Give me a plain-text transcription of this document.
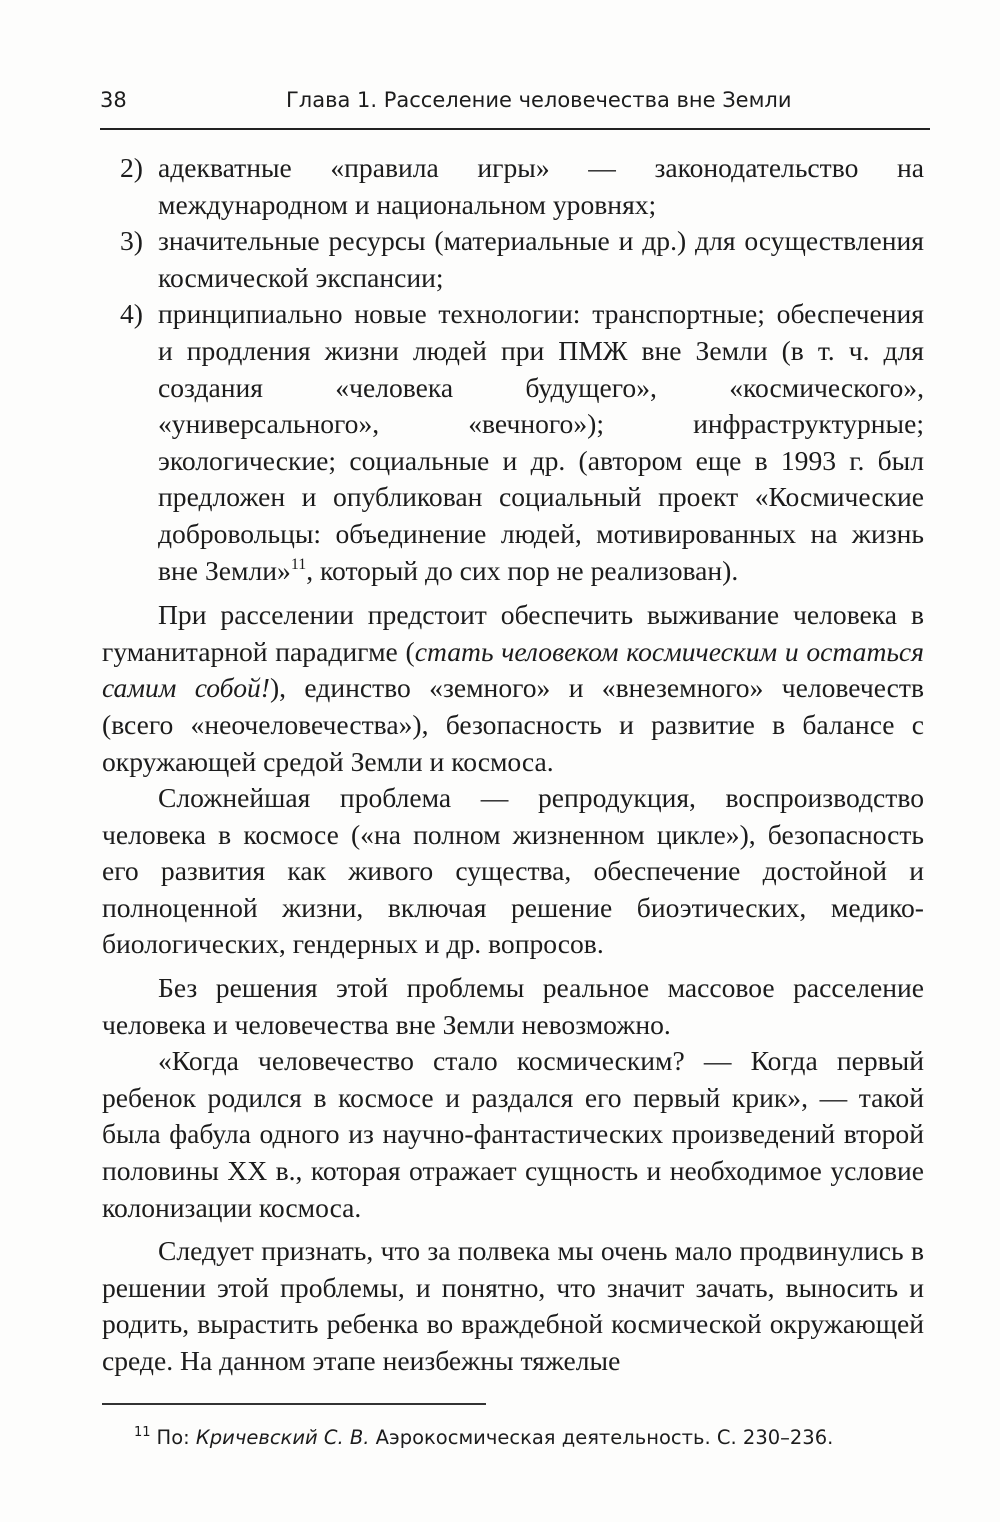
38	Глава 1. Расселение человечества вне Земли

2) адекватные «правила игры» — законодательство на международном и национальном уровнях;

3) значительные ресурсы (материальные и др.) для осуществления космической экспансии;

4) принципиально новые технологии: транспортные; обеспечения и продления жизни людей при ПМЖ вне Земли (в т. ч. для создания «человека будущего», «космического», «универсального», «вечного»); инфраструктурные; экологические; социальные и др. (автором еще в 1993 г. был предложен и опубликован социальный проект «Космические добровольцы: объединение людей, мотивированных на жизнь вне Земли»$^{11}$, который до сих пор не реализован).

При расселении предстоит обеспечить выживание человека в гуманитарной парадигме (стать человеком космическим и остаться самим собой!), единство «земного» и «внеземного» человечеств (всего «неочеловечества»), безопасность и развитие в балансе с окружающей средой Земли и космоса.

Сложнейшая проблема — репродукция, воспроизводство человека в космосе («на полном жизненном цикле»), безопасность его развития как живого существа, обеспечение достойной и полноценной жизни, включая решение биоэтических, медико-биологических, гендерных и др. вопросов.

Без решения этой проблемы реальное массовое расселение человека и человечества вне Земли невозможно.

«Когда человечество стало космическим? — Когда первый ребенок родился в космосе и раздался его первый крик», — такой была фабула одного из научно-фантастических произведений второй половины XX в., которая отражает сущность и необходимое условие колонизации космоса.

Следует признать, что за полвека мы очень мало продвинулись в решении этой проблемы, и понятно, что значит зачать, выносить и родить, вырастить ребенка во враждебной космической окружающей среде. На данном этапе неизбежны тяжелые

$^{11}$ По: Кричевский С. В. Аэрокосмическая деятельность. С. 230–236.
